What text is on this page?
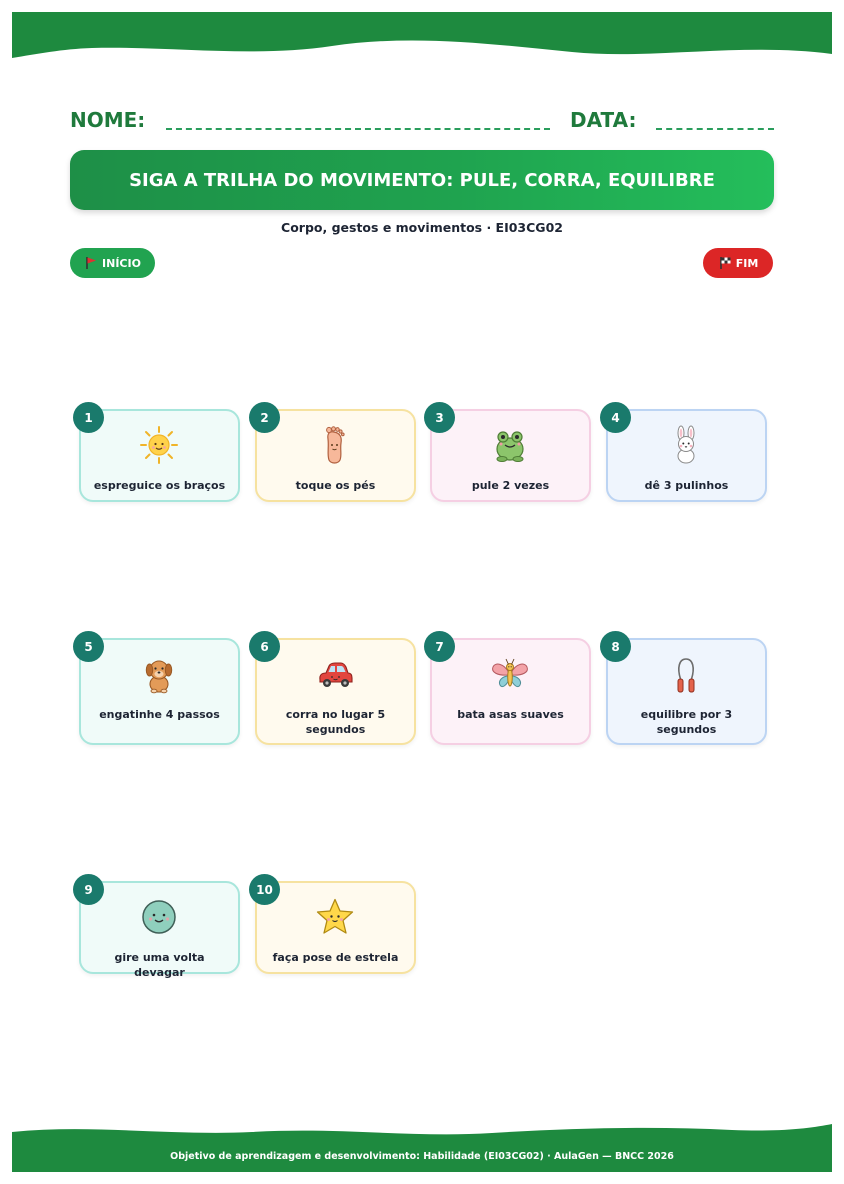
NOME:	DATA:
SIGA A TRILHA DO MOVIMENTO: PULE, CORRA, EQUILIBRE
Corpo, gestos e movimentos · EI03CG02
INÍCIO	FIM
1
espreguice os braços
2
toque os pés
3
pule 2 vezes
4
dê 3 pulinhos
5
engatinhe 4 passos
6
corra no lugar 5 segundos
7
bata asas suaves
8
equilibre por 3 segundos
9
gire uma volta devagar
10
faça pose de estrela
Objetivo de aprendizagem e desenvolvimento: Habilidade (EI03CG02) · AulaGen — BNCC 2026
